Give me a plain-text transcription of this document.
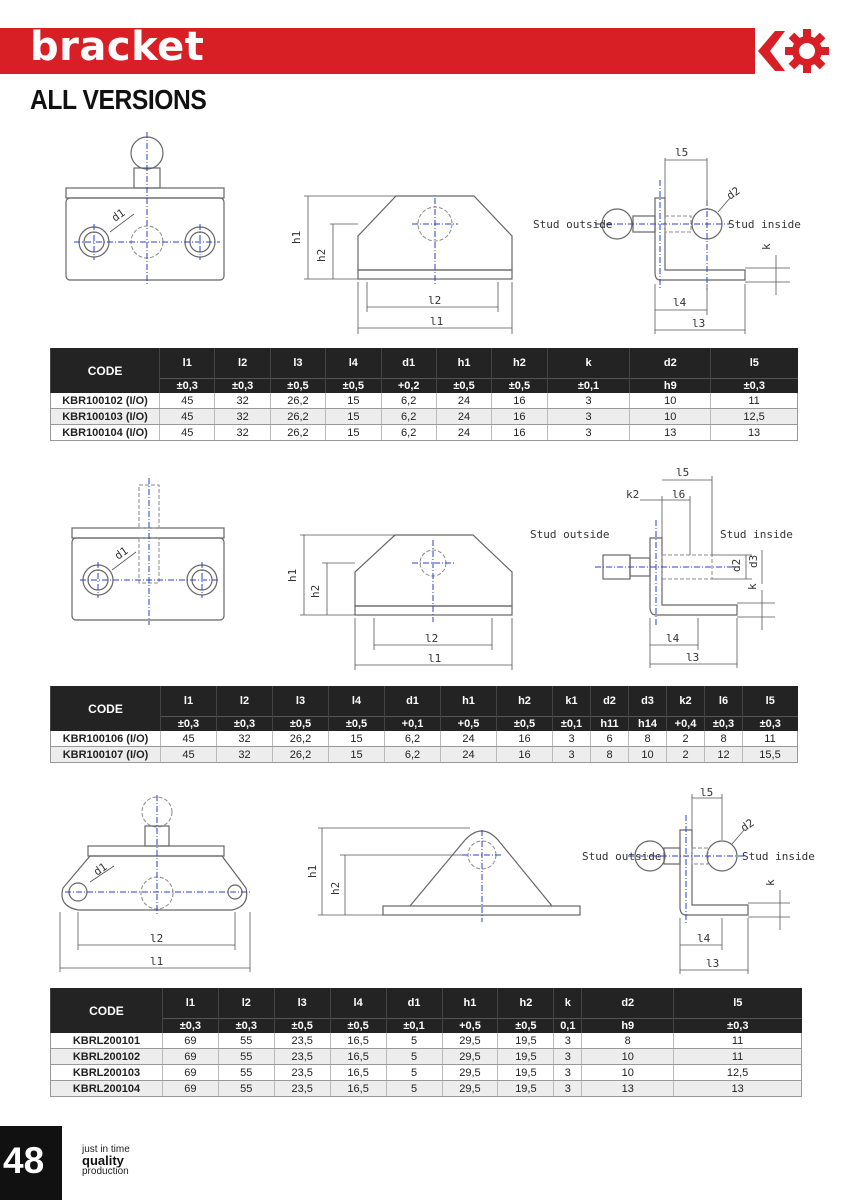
bracket
ALL VERSIONS
d1
h1
h2
l2
l1
Stud outside	Stud inside
l5
d2
k
l4
l3
CODE	l1	l2	l3	l4	d1	h1	h2	k	d2	l5
	±0,3	±0,3	±0,5	±0,5	+0,2	±0,5	±0,5	±0,1	h9	±0,3
KBR100102 (I/O)	45	32	26,2	15	6,2	24	16	3	10	11
KBR100103 (I/O)	45	32	26,2	15	6,2	24	16	3	10	12,5
KBR100104 (I/O)	45	32	26,2	15	6,2	24	16	3	13	13
d1
h1
h2
l2
l1
Stud outside	Stud inside
l5
l6
k2
d2 d3
k
l4
l3
CODE	l1	l2	l3	l4	d1	h1	h2	k1	d2	d3	k2	l6	l5
	±0,3	±0,3	±0,5	±0,5	+0,1	+0,5	±0,5	±0,1	h11	h14	+0,4	±0,3	±0,3
KBR100106 (I/O)	45	32	26,2	15	6,2	24	16	3	6	8	2	8	11
KBR100107 (I/O)	45	32	26,2	15	6,2	24	16	3	8	10	2	12	15,5
d1
l2
l1
h1
h2
Stud outside	Stud inside
l5
d2
k
l4
l3
CODE	l1	l2	l3	l4	d1	h1	h2	k	d2	l5
	±0,3	±0,3	±0,5	±0,5	±0,1	+0,5	±0,5	0,1	h9	±0,3
KBRL200101	69	55	23,5	16,5	5	29,5	19,5	3	8	11
KBRL200102	69	55	23,5	16,5	5	29,5	19,5	3	10	11
KBRL200103	69	55	23,5	16,5	5	29,5	19,5	3	10	12,5
KBRL200104	69	55	23,5	16,5	5	29,5	19,5	3	13	13
48	just in time
quality
production
